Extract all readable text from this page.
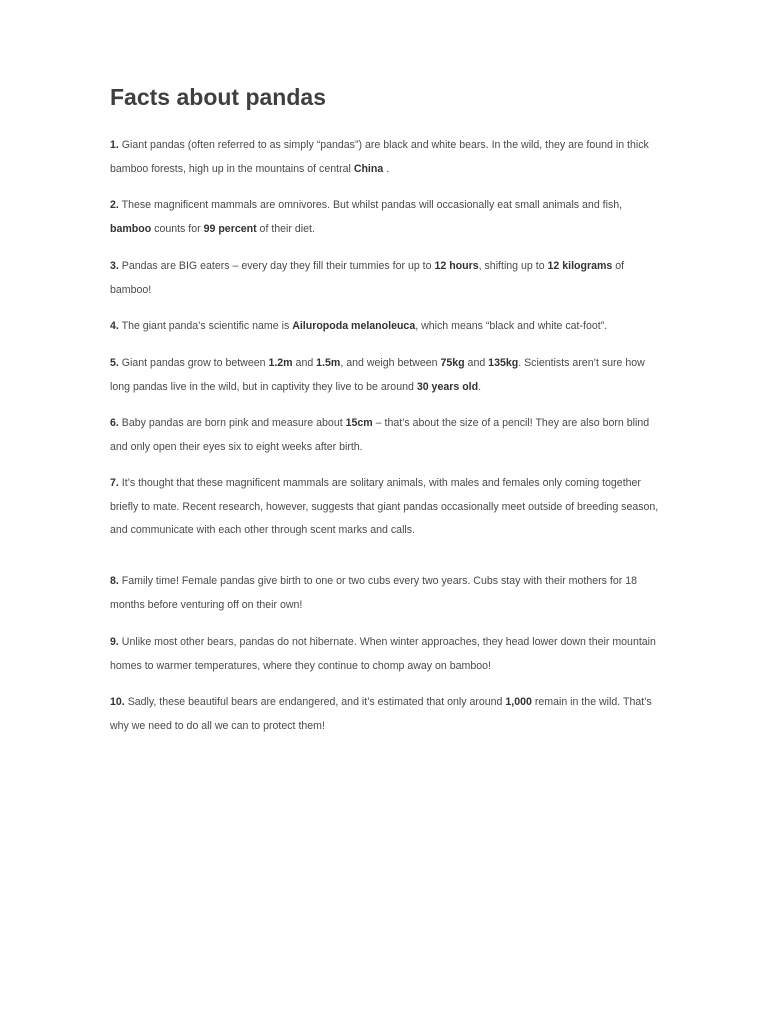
Facts about pandas

1. Giant pandas (often referred to as simply “pandas”) are black and white bears. In the wild, they are found in thick bamboo forests, high up in the mountains of central China .

2. These magnificent mammals are omnivores. But whilst pandas will occasionally eat small animals and fish, bamboo counts for 99 percent of their diet.

3. Pandas are BIG eaters – every day they fill their tummies for up to 12 hours, shifting up to 12 kilograms of bamboo!

4. The giant panda’s scientific name is Ailuropoda melanoleuca, which means “black and white cat-foot”.

5. Giant pandas grow to between 1.2m and 1.5m, and weigh between 75kg and 135kg. Scientists aren’t sure how long pandas live in the wild, but in captivity they live to be around 30 years old.

6. Baby pandas are born pink and measure about 15cm – that’s about the size of a pencil! They are also born blind and only open their eyes six to eight weeks after birth.

7. It’s thought that these magnificent mammals are solitary animals, with males and females only coming together briefly to mate. Recent research, however, suggests that giant pandas occasionally meet outside of breeding season, and communicate with each other through scent marks and calls.

8. Family time! Female pandas give birth to one or two cubs every two years. Cubs stay with their mothers for 18 months before venturing off on their own!

9. Unlike most other bears, pandas do not hibernate. When winter approaches, they head lower down their mountain homes to warmer temperatures, where they continue to chomp away on bamboo!

10. Sadly, these beautiful bears are endangered, and it’s estimated that only around 1,000 remain in the wild. That’s why we need to do all we can to protect them!
